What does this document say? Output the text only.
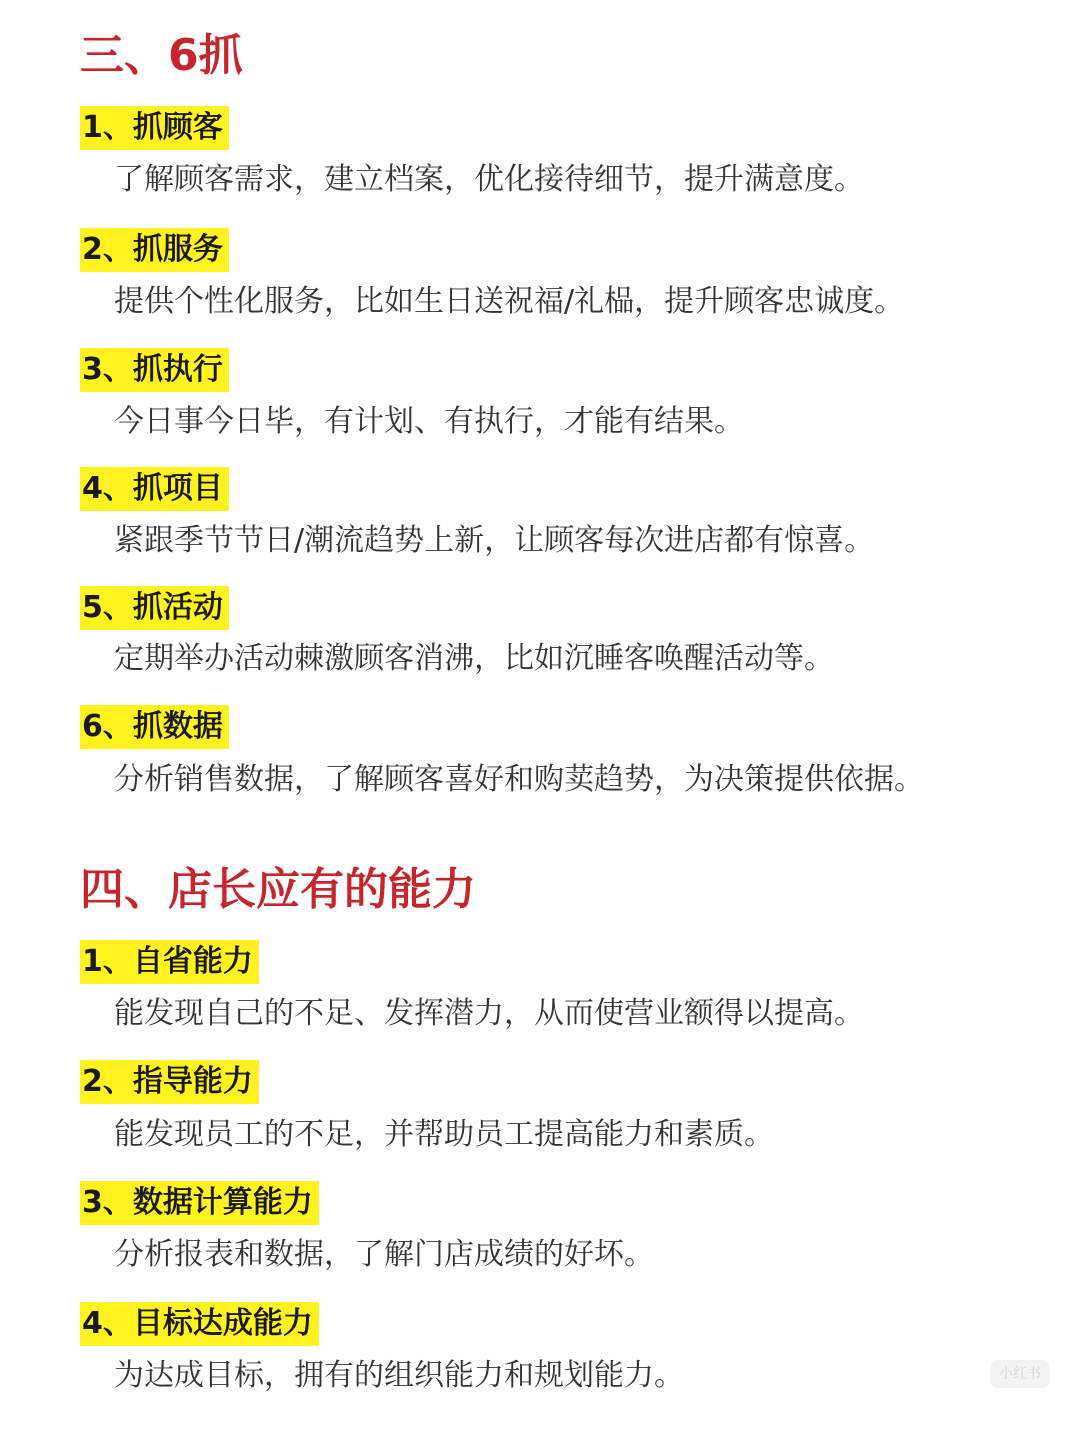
三、6抓
1、抓顾客
了解顾客需求，建立档案，优化接待细节，提升满意度。
2、抓服务
提供个性化服务，比如生日送祝福/礼榀，提升顾客忠诚度。
3、抓执行
今日事今日毕，有计划、有执行，才能有结果。
4、抓项目
紧跟季节节日/潮流趋势上新，让顾客每次进店都有惊喜。
5、抓活动
定期举办活动棘激顾客消沸，比如沉睡客唤醒活动等。
6、抓数据
分析销售数据，了解顾客喜好和购荬趋势，为决策提供依据。
四、店长应有的能力
1、自省能力
能发现自己的不足、发挥潜力，从而使营业额得以提高。
2、指导能力
能发现员工的不足，并帮助员工提高能力和素质。
3、数据计算能力
分析报表和数据，了解门店成绩的好坏。
4、目标达成能力
为达成目标，拥有的组织能力和规划能力。	小红书
